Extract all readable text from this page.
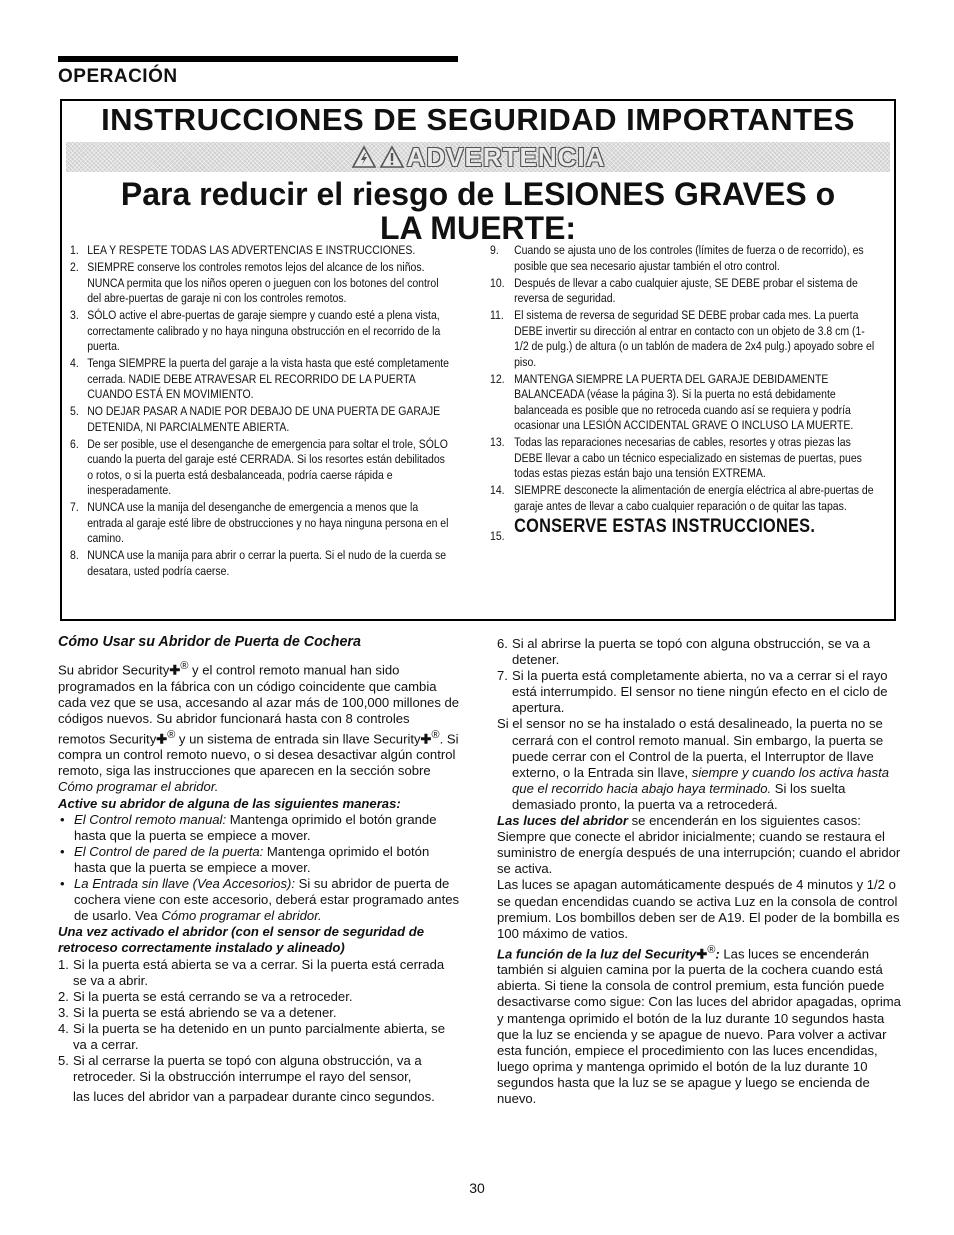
OPERACIÓN
INSTRUCCIONES DE SEGURIDAD IMPORTANTES
ADVERTENCIA
Para reducir el riesgo de LESIONES GRAVES o
LA MUERTE:
1. LEA Y RESPETE TODAS LAS ADVERTENCIAS E INSTRUCCIONES.
2. SIEMPRE conserve los controles remotos lejos del alcance de los niños. NUNCA permita que los niños operen o jueguen con los botones del control del abre-puertas de garaje ni con los controles remotos.
3. SÓLO active el abre-puertas de garaje siempre y cuando esté a plena vista, correctamente calibrado y no haya ninguna obstrucción en el recorrido de la puerta.
4. Tenga SIEMPRE la puerta del garaje a la vista hasta que esté completamente cerrada. NADIE DEBE ATRAVESAR EL RECORRIDO DE LA PUERTA CUANDO ESTÁ EN MOVIMIENTO.
5. NO DEJAR PASAR A NADIE POR DEBAJO DE UNA PUERTA DE GARAJE DETENIDA, NI PARCIALMENTE ABIERTA.
6. De ser posible, use el desenganche de emergencia para soltar el trole, SÓLO cuando la puerta del garaje esté CERRADA. Si los resortes están debilitados o rotos, o si la puerta está desbalanceada, podría caerse rápida e inesperadamente.
7. NUNCA use la manija del desenganche de emergencia a menos que la entrada al garaje esté libre de obstrucciones y no haya ninguna persona en el camino.
8. NUNCA use la manija para abrir o cerrar la puerta. Si el nudo de la cuerda se desatara, usted podría caerse.
9. Cuando se ajusta uno de los controles (límites de fuerza o de recorrido), es posible que sea necesario ajustar también el otro control.
10. Después de llevar a cabo cualquier ajuste, SE DEBE probar el sistema de reversa de seguridad.
11. El sistema de reversa de seguridad SE DEBE probar cada mes. La puerta DEBE invertir su dirección al entrar en contacto con un objeto de 3.8 cm (1-1/2 de pulg.) de altura (o un tablón de madera de 2x4 pulg.) apoyado sobre el piso.
12. MANTENGA SIEMPRE LA PUERTA DEL GARAJE DEBIDAMENTE BALANCEADA (véase la página 3). Si la puerta no está debidamente balanceada es posible que no retroceda cuando así se requiera y podría ocasionar una LESIÓN ACCIDENTAL GRAVE O INCLUSO LA MUERTE.
13. Todas las reparaciones necesarias de cables, resortes y otras piezas las DEBE llevar a cabo un técnico especializado en sistemas de puertas, pues todas estas piezas están bajo una tensión EXTREMA.
14. SIEMPRE desconecte la alimentación de energía eléctrica al abre-puertas de garaje antes de llevar a cabo cualquier reparación o de quitar las tapas.
15. CONSERVE ESTAS INSTRUCCIONES.

Cómo Usar su Abridor de Puerta de Cochera

Su abridor Security✚® y el control remoto manual han sido programados en la fábrica con un código coincidente que cambia cada vez que se usa, accesando al azar más de 100,000 millones de códigos nuevos. Su abridor funcionará hasta con 8 controles remotos Security✚® y un sistema de entrada sin llave Security✚®. Si compra un control remoto nuevo, o si desea desactivar algún control remoto, siga las instrucciones que aparecen en la sección sobre Cómo programar el abridor.

Active su abridor de alguna de las siguientes maneras:

• El Control remoto manual: Mantenga oprimido el botón grande hasta que la puerta se empiece a mover.

• El Control de pared de la puerta: Mantenga oprimido el botón hasta que la puerta se empiece a mover.

• La Entrada sin llave (Vea Accesorios): Si su abridor de puerta de cochera viene con este accesorio, deberá estar programado antes de usarlo. Vea Cómo programar el abridor.

Una vez activado el abridor (con el sensor de seguridad de retroceso correctamente instalado y alineado)

1. Si la puerta está abierta se va a cerrar. Si la puerta está cerrada se va a abrir.

2. Si la puerta se está cerrando se va a retroceder.

3. Si la puerta se está abriendo se va a detener.

4. Si la puerta se ha detenido en un punto parcialmente abierta, se va a cerrar.

5. Si al cerrarse la puerta se topó con alguna obstrucción, va a retroceder. Si la obstrucción interrumpe el rayo del sensor,

las luces del abridor van a parpadear durante cinco segundos.

6. Si al abrirse la puerta se topó con alguna obstrucción, se va a detener.

7. Si la puerta está completamente abierta, no va a cerrar si el rayo está interrumpido. El sensor no tiene ningún efecto en el ciclo de apertura.

Si el sensor no se ha instalado o está desalineado, la puerta no se cerrará con el control remoto manual. Sin embargo, la puerta se puede cerrar con el Control de la puerta, el Interruptor de llave externo, o la Entrada sin llave, siempre y cuando los activa hasta que el recorrido hacia abajo haya terminado. Si los suelta demasiado pronto, la puerta va a retrocederá.

Las luces del abridor se encenderán en los siguientes casos: Siempre que conecte el abridor inicialmente; cuando se restaura el suministro de energía después de una interrupción; cuando el abridor se activa.

Las luces se apagan automáticamente después de 4 minutos y 1/2 o se quedan encendidas cuando se activa Luz en la consola de control premium. Los bombillos deben ser de A19. El poder de la bombilla es 100 máximo de vatios.

La función de la luz del Security✚®: Las luces se encenderán también si alguien camina por la puerta de la cochera cuando está abierta. Si tiene la consola de control premium, esta función puede desactivarse como sigue: Con las luces del abridor apagadas, oprima y mantenga oprimido el botón de la luz durante 10 segundos hasta que la luz se encienda y se apague de nuevo. Para volver a activar esta función, empiece el procedimiento con las luces encendidas, luego oprima y mantenga oprimido el botón de la luz durante 10 segundos hasta que la luz se se apague y luego se encienda de nuevo.

30
